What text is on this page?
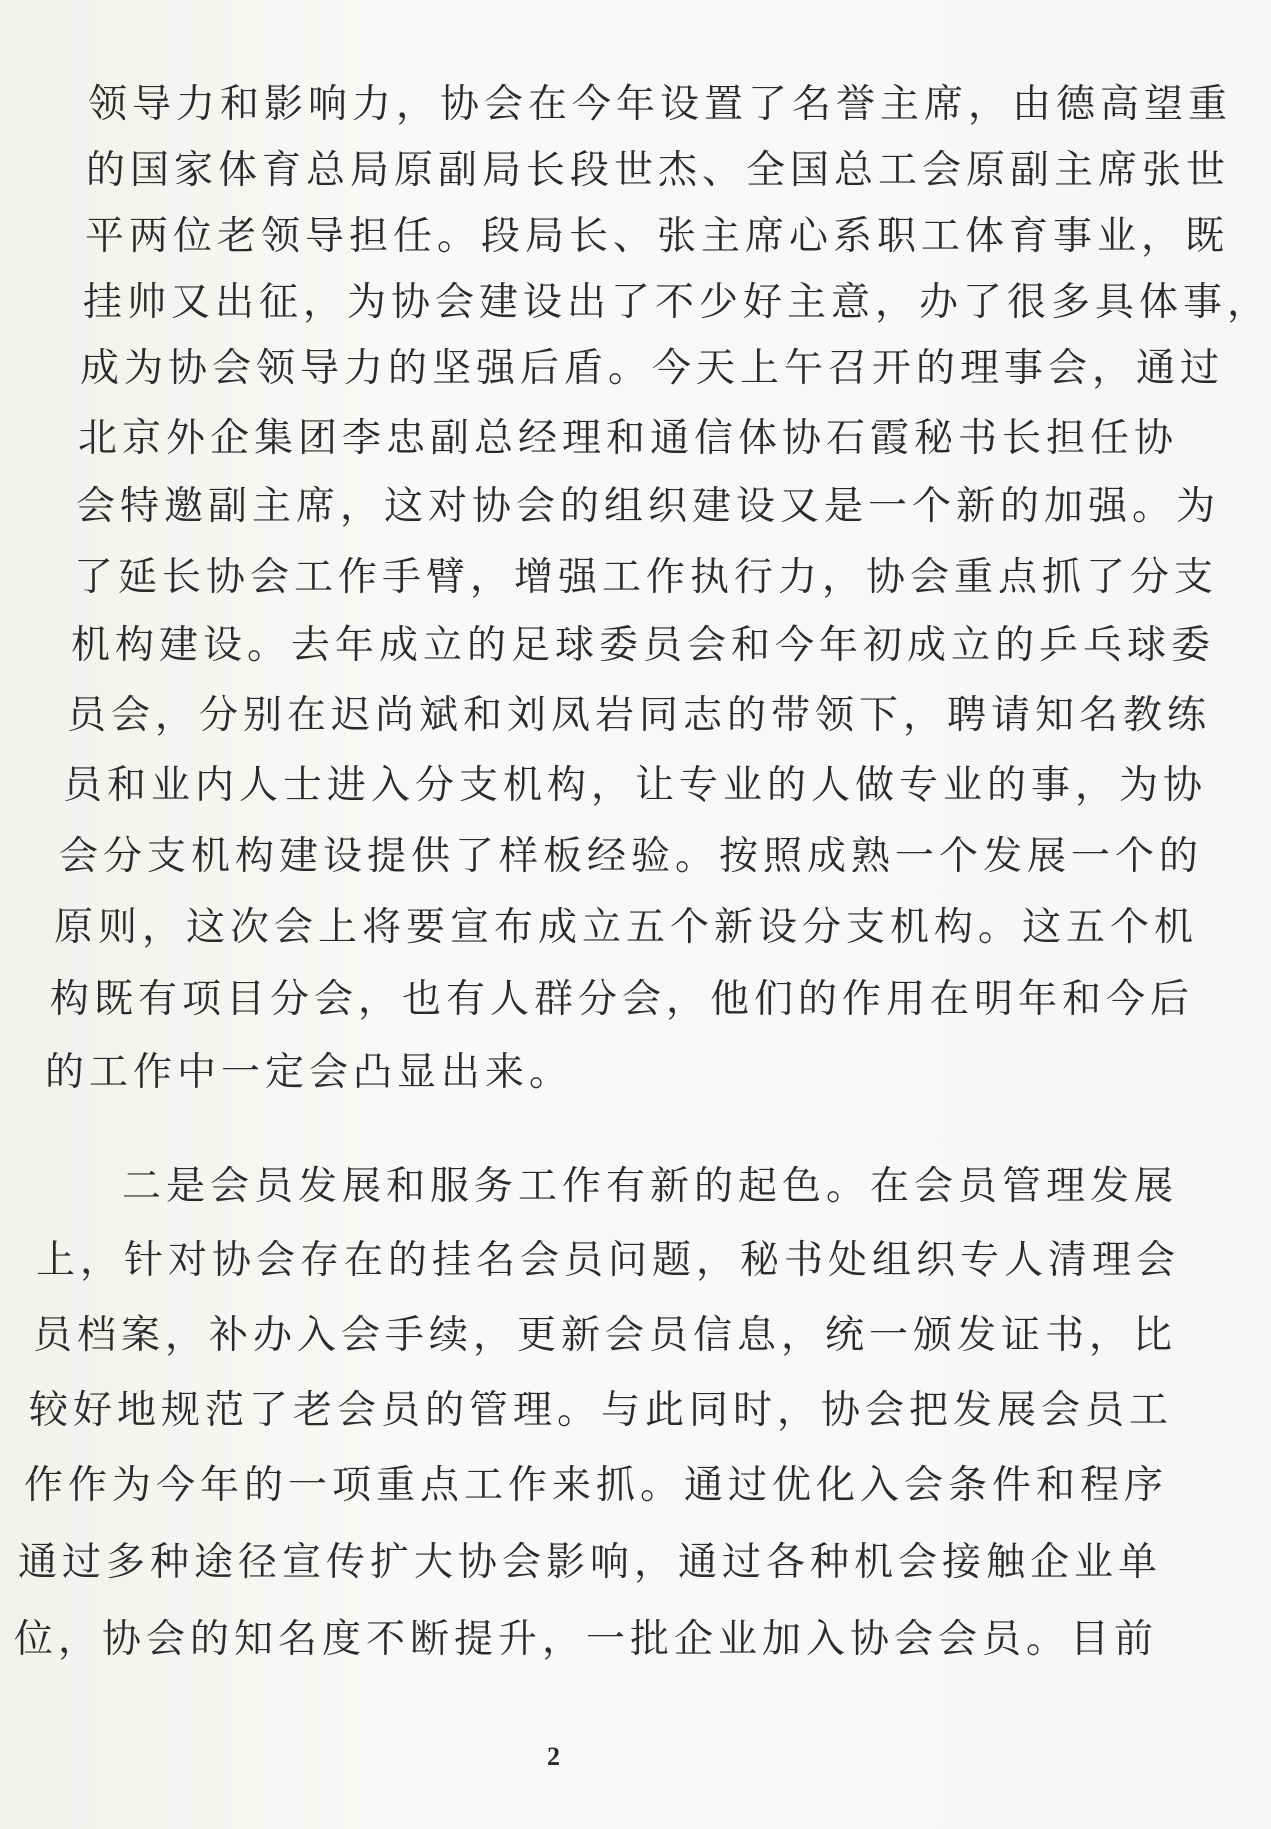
领导力和影响力，协会在今年设置了名誉主席，由德高望重
的国家体育总局原副局长段世杰、全国总工会原副主席张世
平两位老领导担任。段局长、张主席心系职工体育事业，既
挂帅又出征，为协会建设出了不少好主意，办了很多具体事，
成为协会领导力的坚强后盾。今天上午召开的理事会，通过
北京外企集团李忠副总经理和通信体协石霞秘书长担任协
会特邀副主席，这对协会的组织建设又是一个新的加强。为
了延长协会工作手臂，增强工作执行力，协会重点抓了分支
机构建设。去年成立的足球委员会和今年初成立的乒乓球委
员会，分别在迟尚斌和刘凤岩同志的带领下，聘请知名教练
员和业内人士进入分支机构，让专业的人做专业的事，为协
会分支机构建设提供了样板经验。按照成熟一个发展一个的
原则，这次会上将要宣布成立五个新设分支机构。这五个机
构既有项目分会，也有人群分会，他们的作用在明年和今后
的工作中一定会凸显出来。
二是会员发展和服务工作有新的起色。在会员管理发展
上，针对协会存在的挂名会员问题，秘书处组织专人清理会
员档案，补办入会手续，更新会员信息，统一颁发证书，比
较好地规范了老会员的管理。与此同时，协会把发展会员工
作作为今年的一项重点工作来抓。通过优化入会条件和程序
通过多种途径宣传扩大协会影响，通过各种机会接触企业单
位，协会的知名度不断提升，一批企业加入协会会员。目前
2
